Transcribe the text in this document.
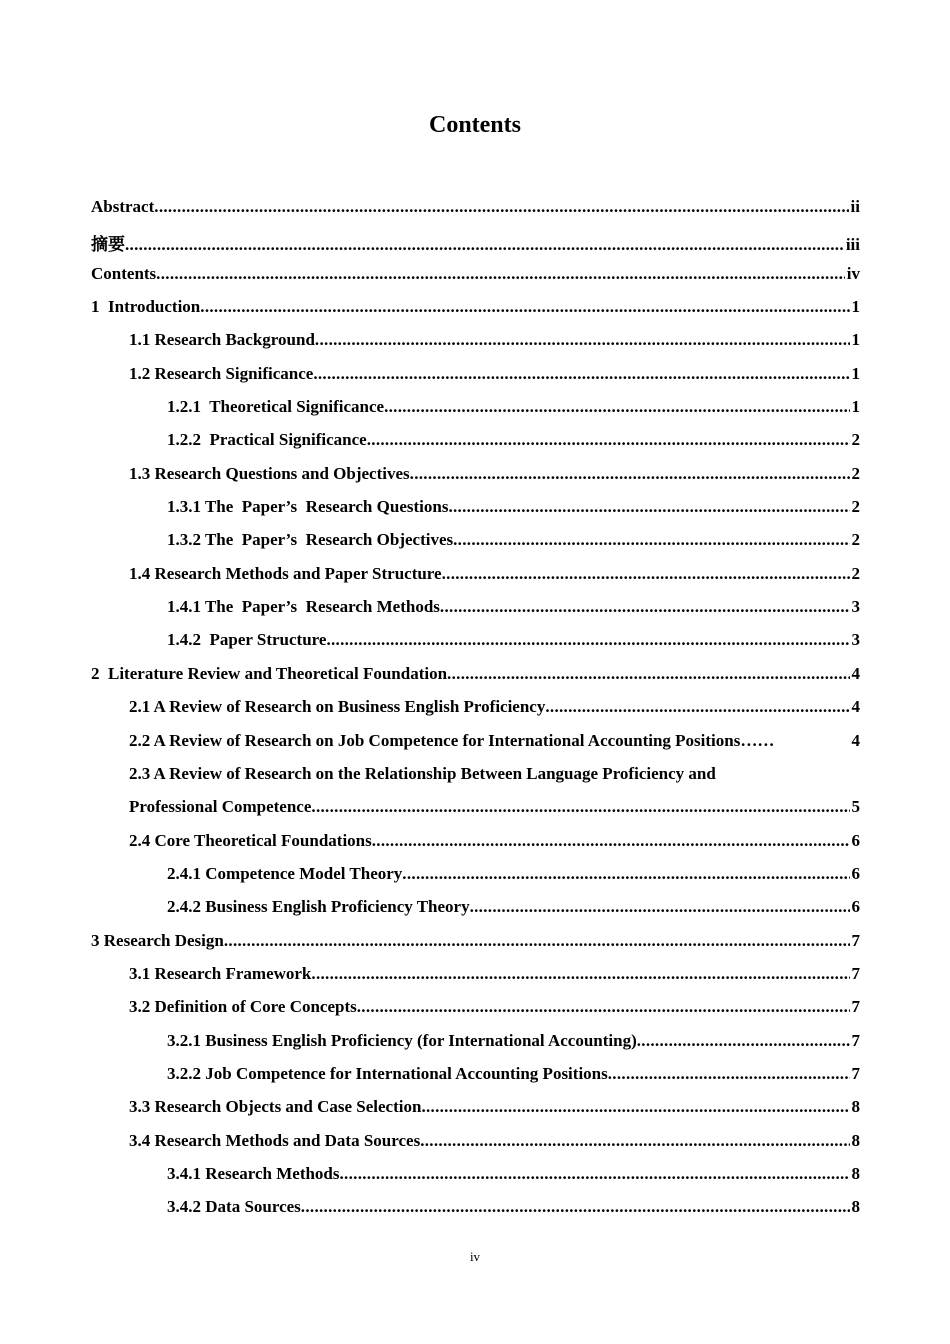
Contents
Abstract .....	ii
摘要 .....	iii
Contents .....	iv
1  Introduction .....	1
1.1 Research Background .....	1
1.2 Research Significance .....	1
1.2.1  Theoretical Significance .....	1
1.2.2  Practical Significance .....	2
1.3 Research Questions and Objectives .....	2
1.3.1 The  Paper’s  Research Questions .....	2
1.3.2 The  Paper’s  Research Objectives .....	2
1.4 Research Methods and Paper Structure .....	2
1.4.1 The  Paper’s  Research Methods .....	3
1.4.2  Paper Structure .....	3
2  Literature Review and Theoretical Foundation .....	4
2.1 A Review of Research on Business English Proficiency .....	4
2.2 A Review of Research on Job Competence for International Accounting Positions……	4
2.3 A Review of Research on the Relationship Between Language Proficiency and
Professional Competence .....	5
2.4 Core Theoretical Foundations .....	6
2.4.1 Competence Model Theory .....	6
2.4.2 Business English Proficiency Theory .....	6
3 Research Design .....	7
3.1 Research Framework .....	7
3.2 Definition of Core Concepts .....	7
3.2.1 Business English Proficiency (for International Accounting) .....	7
3.2.2 Job Competence for International Accounting Positions .....	7
3.3 Research Objects and Case Selection .....	8
3.4 Research Methods and Data Sources .....	8
3.4.1 Research Methods .....	8
3.4.2 Data Sources .....	8
iv
